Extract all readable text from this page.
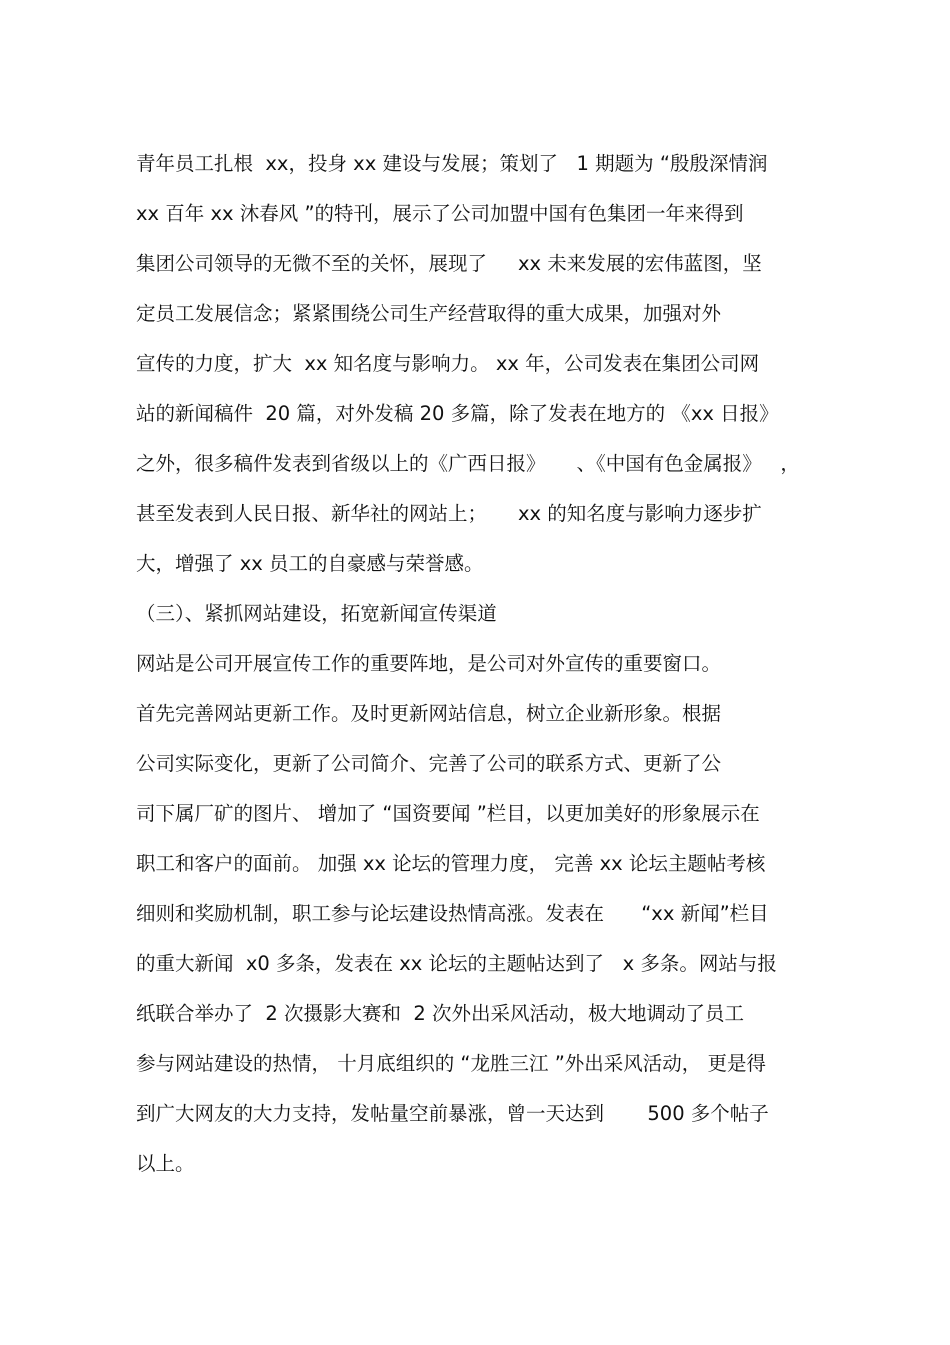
青年员工扎根  xx，投身 xx 建设与发展；策划了   1 期题为 “殷殷深情润
xx 百年 xx 沐春风 ”的特刊，展示了公司加盟中国有色集团一年来得到
集团公司领导的无微不至的关怀，展现了     xx 未来发展的宏伟蓝图，坚
定员工发展信念；紧紧围绕公司生产经营取得的重大成果，加强对外
宣传的力度，扩大  xx 知名度与影响力。 xx 年，公司发表在集团公司网
站的新闻稿件  20 篇，对外发稿 20 多篇，除了发表在地方的 《xx 日报》
之外，很多稿件发表到省级以上的《广西日报》     、《中国有色金属报》   ，
甚至发表到人民日报、新华社的网站上；     xx 的知名度与影响力逐步扩
大，增强了 xx 员工的自豪感与荣誉感。
（三）、紧抓网站建设，拓宽新闻宣传渠道
网站是公司开展宣传工作的重要阵地，是公司对外宣传的重要窗口。
首先完善网站更新工作。及时更新网站信息，树立企业新形象。根据
公司实际变化，更新了公司简介、完善了公司的联系方式、更新了公
司下属厂矿的图片、 增加了 “国资要闻 ”栏目，以更加美好的形象展示在
职工和客户的面前。 加强 xx 论坛的管理力度， 完善 xx 论坛主题帖考核
细则和奖励机制，职工参与论坛建设热情高涨。发表在      “xx 新闻”栏目
的重大新闻  x0 多条，发表在 xx 论坛的主题帖达到了   x 多条。网站与报
纸联合举办了  2 次摄影大赛和  2 次外出采风活动，极大地调动了员工
参与网站建设的热情， 十月底组织的 “龙胜三江 ”外出采风活动， 更是得
到广大网友的大力支持，发帖量空前暴涨，曾一天达到       500 多个帖子
以上。
